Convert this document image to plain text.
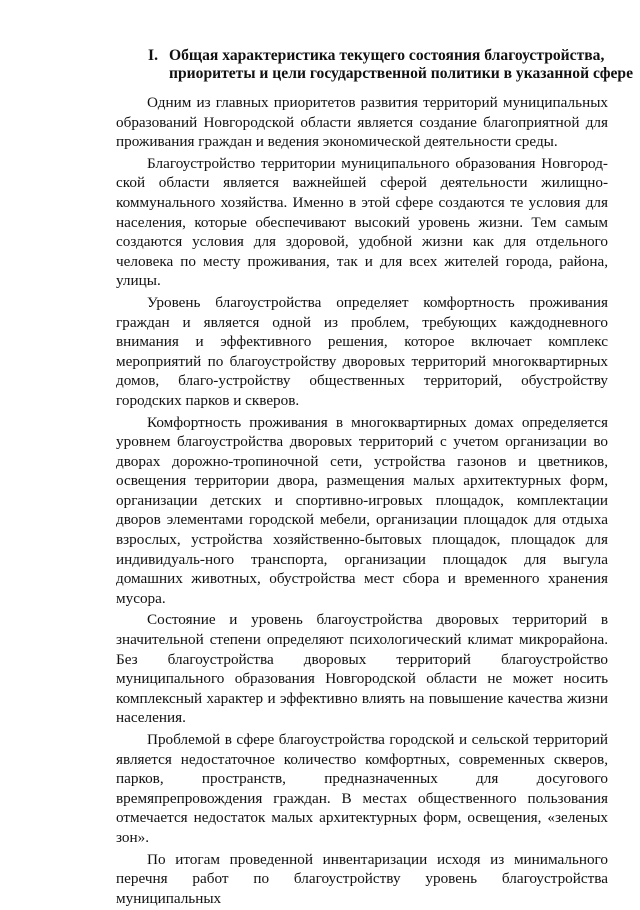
I. Общая характеристика текущего состояния благоустройства,
приоритеты и цели государственной политики в указанной сфере

Одним из главных приоритетов развития территорий муниципальных образований Новгородской области является создание благоприятной для проживания граждан и ведения экономической деятельности среды.

Благоустройство территории муниципального образования Новгород-ской области является важнейшей сферой деятельности жилищно-коммунального хозяйства. Именно в этой сфере создаются те условия для населения, которые обеспечивают высокий уровень жизни. Тем самым создаются условия для здоровой, удобной жизни как для отдельного человека по месту проживания, так и для всех жителей города, района, улицы.

Уровень благоустройства определяет комфортность проживания граждан и является одной из проблем, требующих каждодневного внимания и эффективного решения, которое включает комплекс мероприятий по благоустройству дворовых территорий многоквартирных домов, благо-устройству общественных территорий, обустройству городских парков и скверов.

Комфортность проживания в многоквартирных домах определяется уровнем благоустройства дворовых территорий с учетом организации во дворах дорожно-тропиночной сети, устройства газонов и цветников, освещения территории двора, размещения малых архитектурных форм, организации детских и спортивно-игровых площадок, комплектации дворов элементами городской мебели, организации площадок для отдыха взрослых, устройства хозяйственно-бытовых площадок, площадок для индивидуаль-ного транспорта, организации площадок для выгула домашних животных, обустройства мест сбора и временного хранения мусора.

Состояние и уровень благоустройства дворовых территорий в значительной степени определяют психологический климат микрорайона. Без благоустройства дворовых территорий благоустройство муниципального образования Новгородской области не может носить комплексный характер и эффективно влиять на повышение качества жизни населения.

Проблемой в сфере благоустройства городской и сельской территорий является недостаточное количество комфортных, современных скверов, парков, пространств, предназначенных для досугового времяпрепровождения граждан. В местах общественного пользования отмечается недостаток малых архитектурных форм, освещения, «зеленых зон».

По итогам проведенной инвентаризации исходя из минимального перечня работ по благоустройству уровень благоустройства муниципальных
